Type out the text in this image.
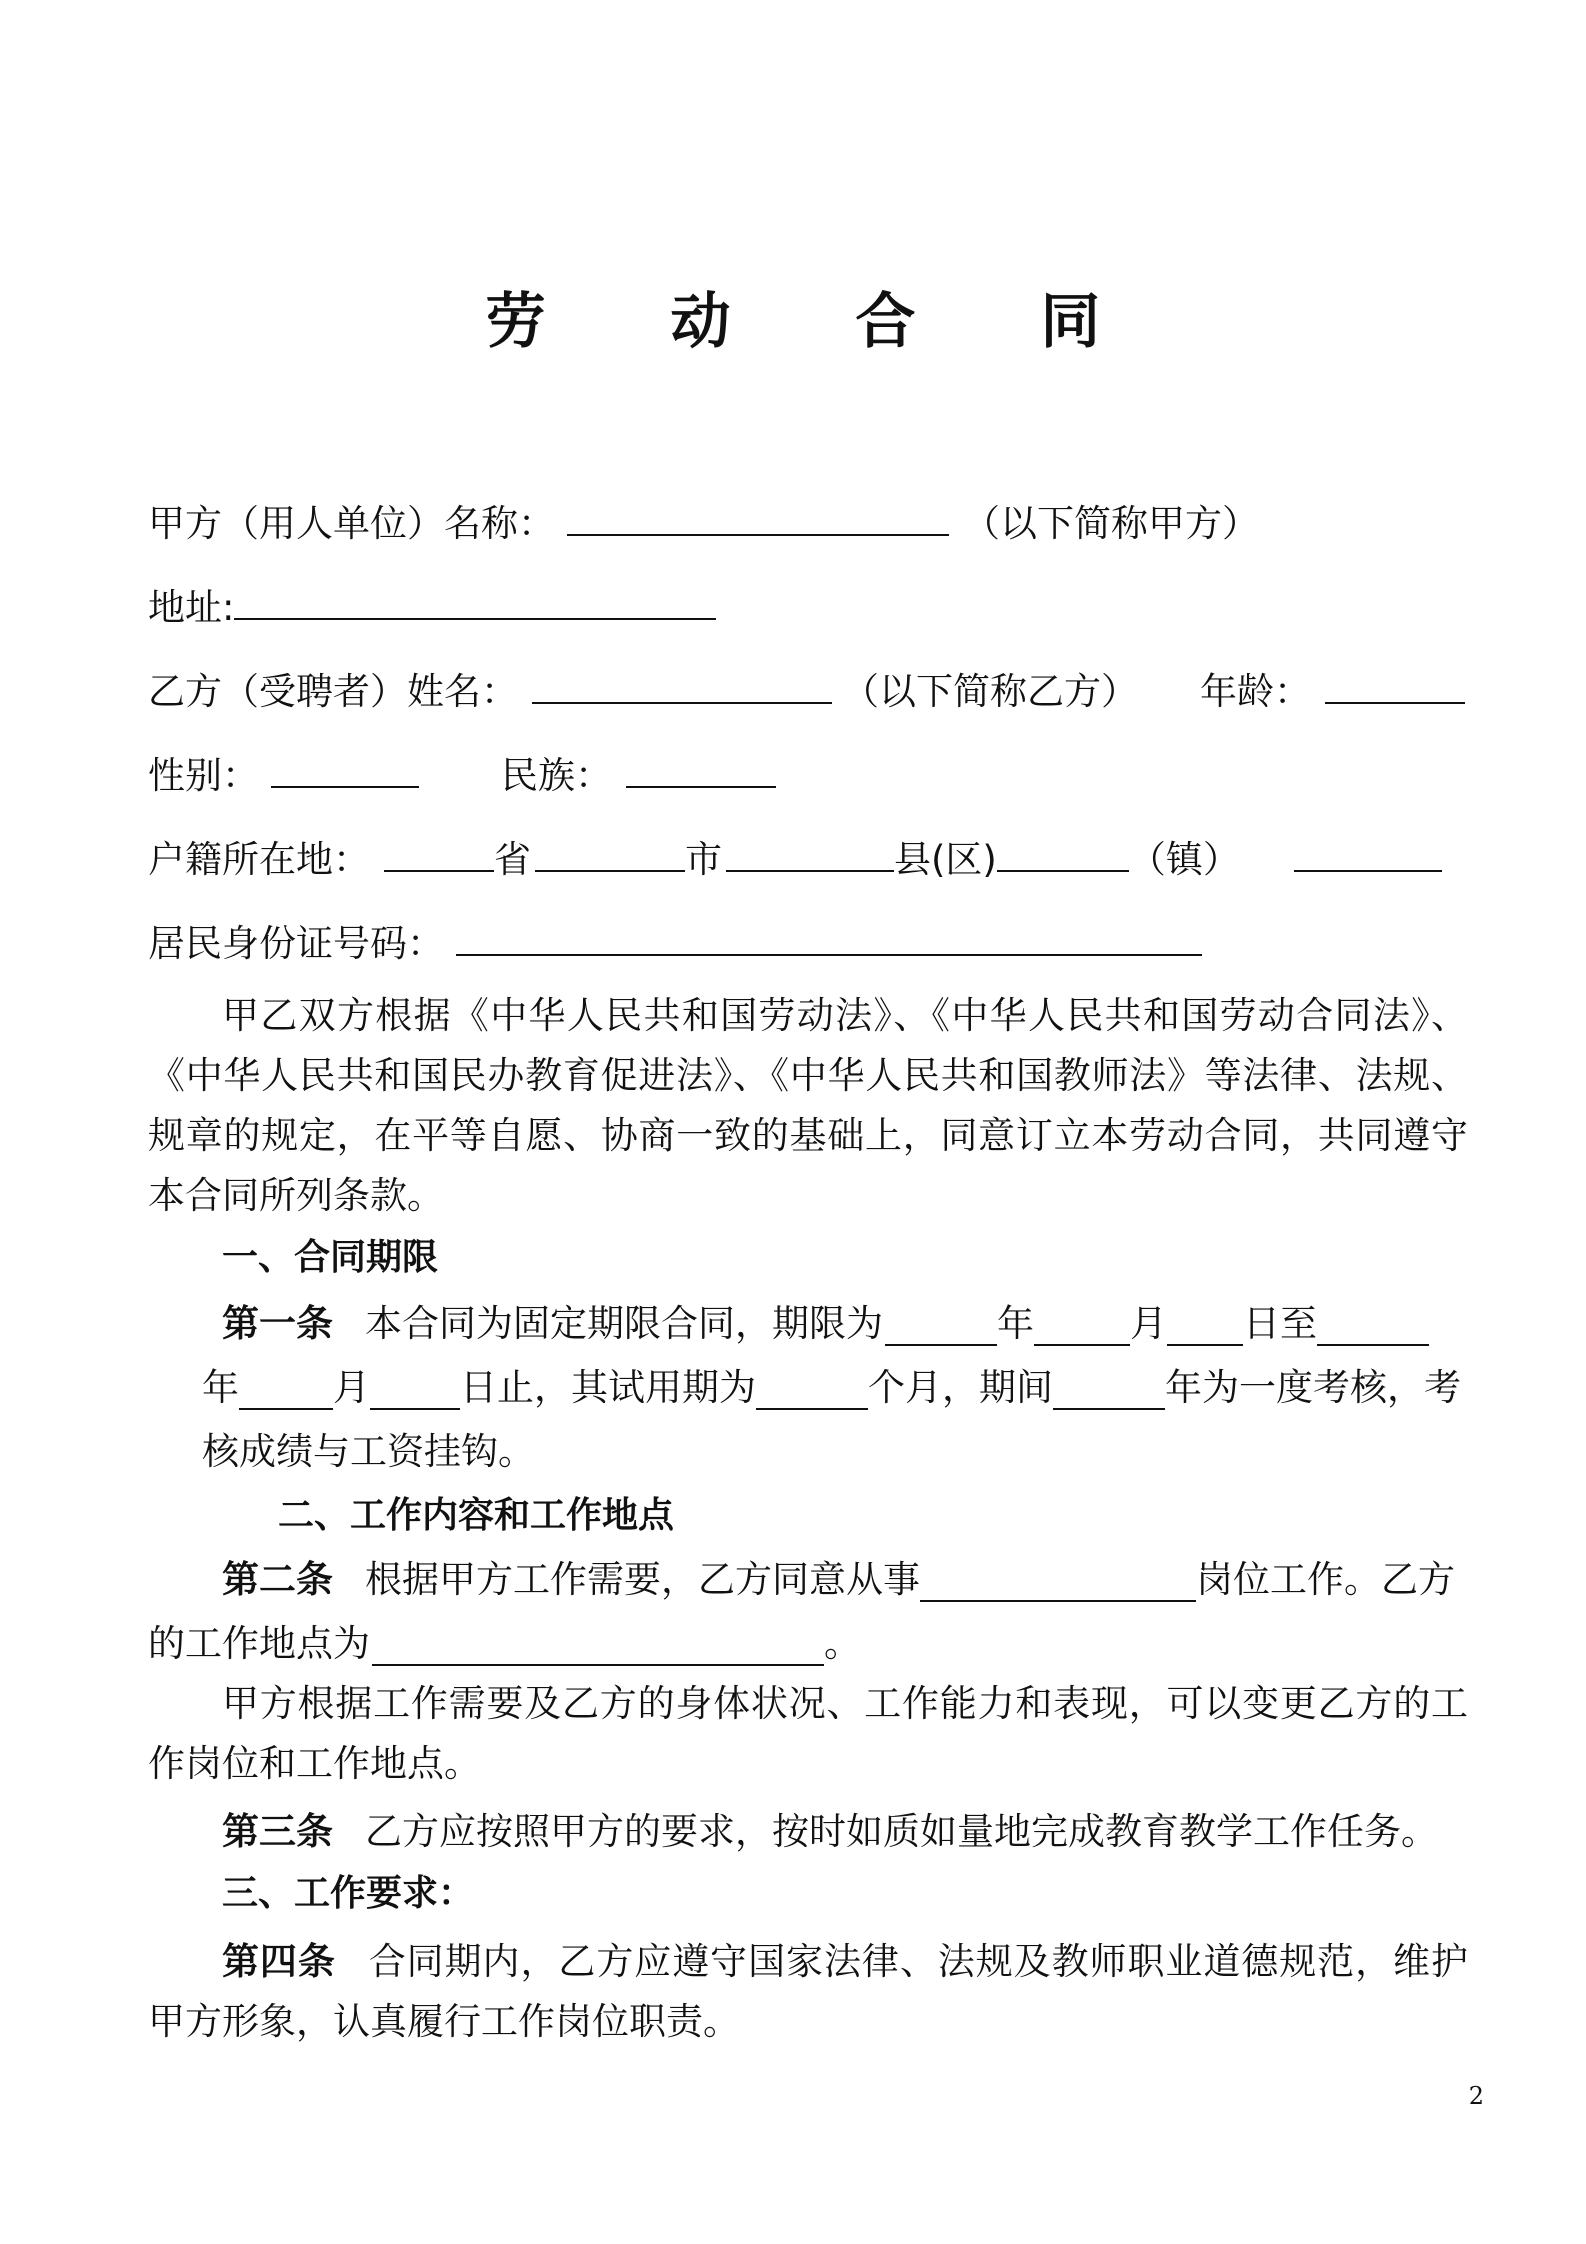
劳 动 合 同
甲方（用人单位）名称：	（以下简称甲方）
地址:
乙方（受聘者）姓名：	（以下简称乙方） 年龄：
性别：	民族：
户籍所在地：	省	市	县(区)	（镇）
居民身份证号码：
甲乙双方根据《中华人民共和国劳动法》、《中华人民共和国劳动合同法》、《中华人民共和国民办教育促进法》、《中华人民共和国教师法》等法律、法规、规章的规定，在平等自愿、协商一致的基础上，同意订立本劳动合同，共同遵守本合同所列条款。
一、合同期限
第一条 本合同为固定期限合同，期限为	年	月 日至
年	月 日止，其试用期为	个月，期间	年为一度考核，考
核成绩与工资挂钩。
二、工作内容和工作地点
第二条 根据甲方工作需要，乙方同意从事	岗位工作。乙方
的工作地点为	。
甲方根据工作需要及乙方的身体状况、工作能力和表现，可以变更乙方的工作岗位和工作地点。
第三条 乙方应按照甲方的要求，按时如质如量地完成教育教学工作任务。
三、工作要求：
第四条 合同期内，乙方应遵守国家法律、法规及教师职业道德规范，维护甲方形象，认真履行工作岗位职责。
2
